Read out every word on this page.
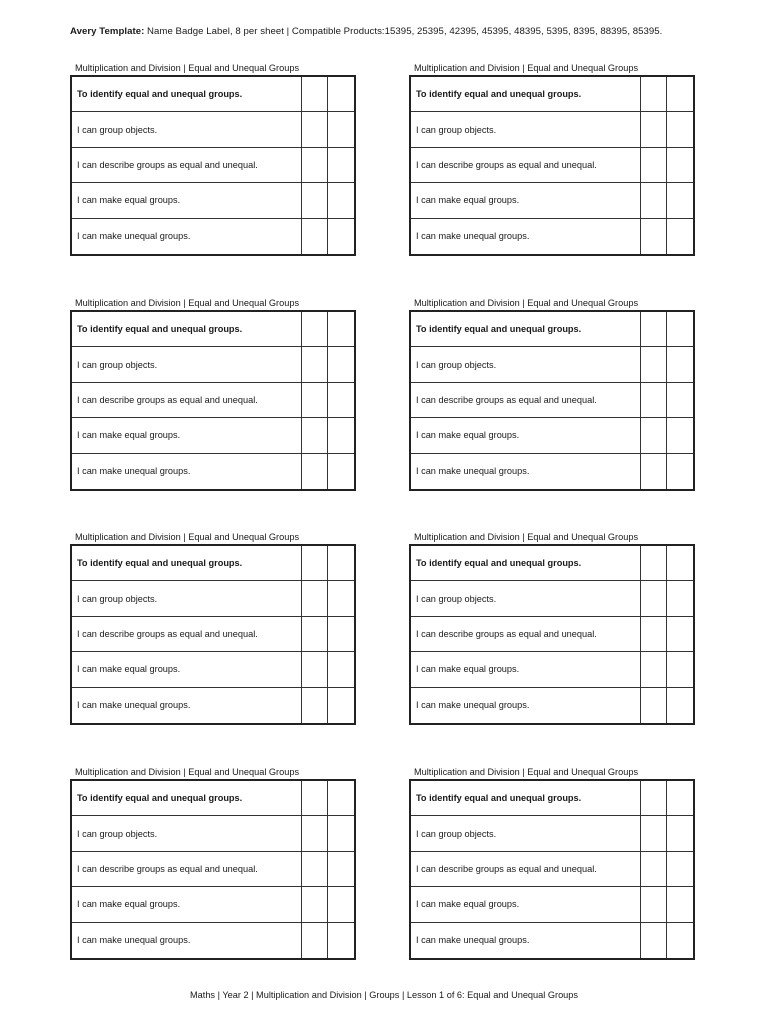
Avery Template: Name Badge Label, 8 per sheet | Compatible Products:15395, 25395, 42395, 45395, 48395, 5395, 8395, 88395, 85395.
Multiplication and Division | Equal and Unequal Groups
To identify equal and unequal groups.
I can group objects.
I can describe groups as equal and unequal.
I can make equal groups.
I can make unequal groups.
Multiplication and Division | Equal and Unequal Groups
To identify equal and unequal groups.
I can group objects.
I can describe groups as equal and unequal.
I can make equal groups.
I can make unequal groups.
Multiplication and Division | Equal and Unequal Groups
To identify equal and unequal groups.
I can group objects.
I can describe groups as equal and unequal.
I can make equal groups.
I can make unequal groups.
Multiplication and Division | Equal and Unequal Groups
To identify equal and unequal groups.
I can group objects.
I can describe groups as equal and unequal.
I can make equal groups.
I can make unequal groups.
Multiplication and Division | Equal and Unequal Groups
To identify equal and unequal groups.
I can group objects.
I can describe groups as equal and unequal.
I can make equal groups.
I can make unequal groups.
Multiplication and Division | Equal and Unequal Groups
To identify equal and unequal groups.
I can group objects.
I can describe groups as equal and unequal.
I can make equal groups.
I can make unequal groups.
Multiplication and Division | Equal and Unequal Groups
To identify equal and unequal groups.
I can group objects.
I can describe groups as equal and unequal.
I can make equal groups.
I can make unequal groups.
Multiplication and Division | Equal and Unequal Groups
To identify equal and unequal groups.
I can group objects.
I can describe groups as equal and unequal.
I can make equal groups.
I can make unequal groups.
Maths | Year 2 | Multiplication and Division | Groups | Lesson 1 of 6: Equal and Unequal Groups
